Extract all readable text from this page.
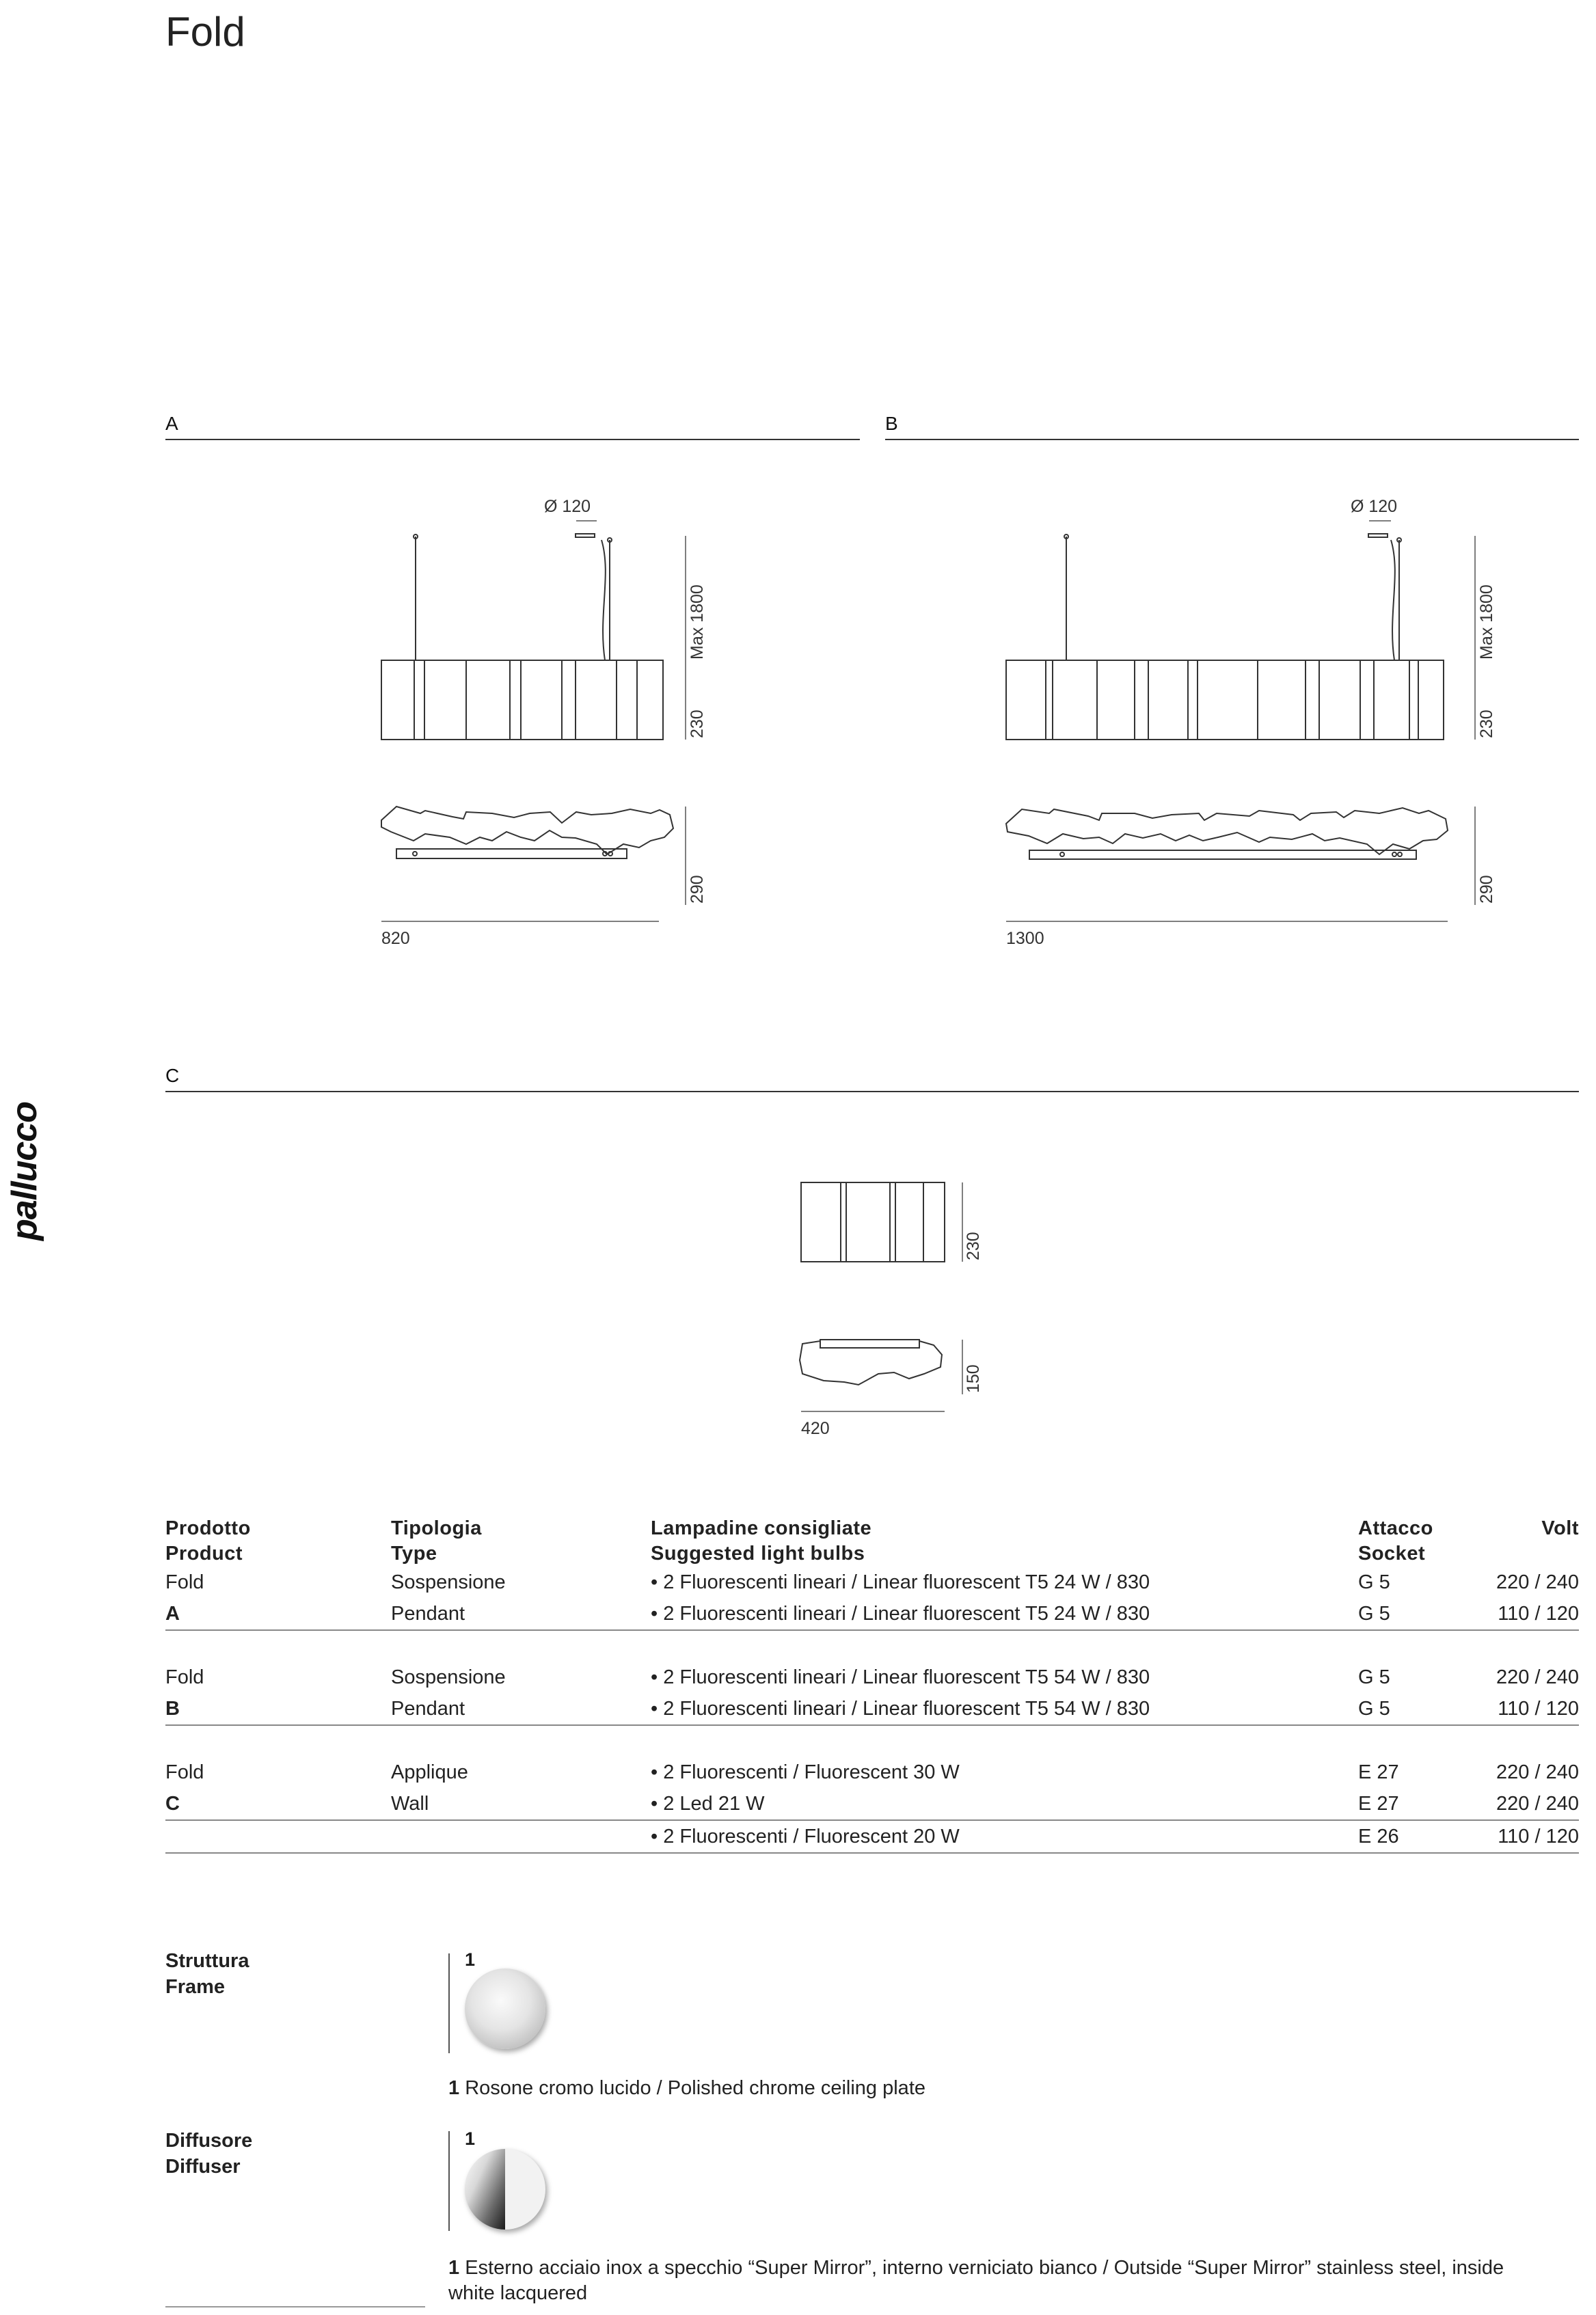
Fold
pallucco
A
Ø 120
Max 1800
230
290
820
B
Ø 120
Max 1800
230
290
1300
C
230
150
420
Prodotto	Tipologia	Lampadine consigliate	Attacco	Volt
Product	Type	Suggested light bulbs	Socket	
Fold	Sospensione	• 2 Fluorescenti lineari / Linear fluorescent T5 24 W / 830	G 5	220 / 240
A	Pendant	• 2 Fluorescenti lineari / Linear fluorescent T5 24 W / 830	G 5	110 / 120

Fold	Sospensione	• 2 Fluorescenti lineari / Linear fluorescent T5 54 W / 830	G 5	220 / 240
B	Pendant	• 2 Fluorescenti lineari / Linear fluorescent T5 54 W / 830	G 5	110 / 120

Fold	Applique	• 2 Fluorescenti / Fluorescent 30 W	E 27	220 / 240
C	Wall	• 2 Led 21 W	E 27	220 / 240
		• 2 Fluorescenti / Fluorescent 20 W	E 26	110 / 120
Struttura
Frame
1
1 Rosone cromo lucido / Polished chrome ceiling plate
Diffusore
Diffuser
1
1 Esterno acciaio inox a specchio “Super Mirror”, interno verniciato bianco / Outside “Super Mirror” stainless steel, inside white lacquered
